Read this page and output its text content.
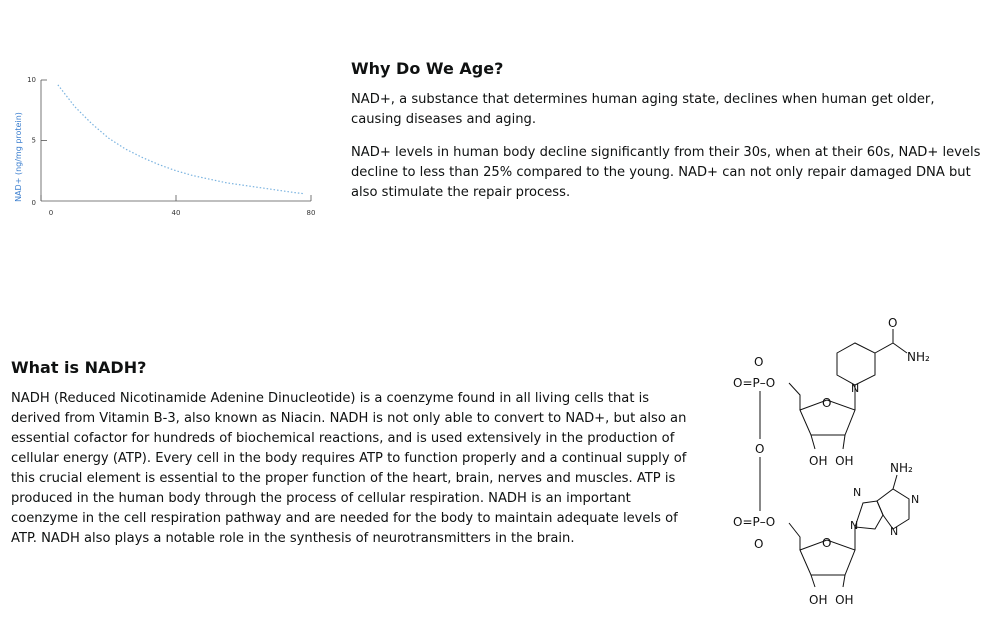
NAD+ (ng/mg protein)
0	40	80
0
5
10
Why Do We Age?

NAD+, a substance that determines human aging state, declines when human get older, causing diseases and aging.

NAD+ levels in human body decline significantly from their 30s, when at their 60s, NAD+ levels decline to less than 25% compared to the young. NAD+ can not only repair damaged DNA but also stimulate the repair process.

What is NADH?

NADH (Reduced Nicotinamide Adenine Dinucleotide) is a coenzyme found in all living cells that is derived from Vitamin B-3, also known as Niacin. NADH is not only able to convert to NAD+, but also an essential cofactor for hundreds of biochemical reactions, and is used extensively in the production of cellular energy (ATP). Every cell in the body requires ATP to function properly and a continual supply of this crucial element is essential to the proper function of the heart, brain, nerves and muscles. ATP is produced in the human body through the process of cellular respiration. NADH is an important coenzyme in the cell respiration pathway and are needed for the body to maintain adequate levels of ATP. NADH also plays a notable role in the synthesis of neurotransmitters in the brain.

O
O=P–O
O
O=P–O
O
O
OH  OH
N
O
NH₂
O
OH  OH
NH₂
N
N
N
N
